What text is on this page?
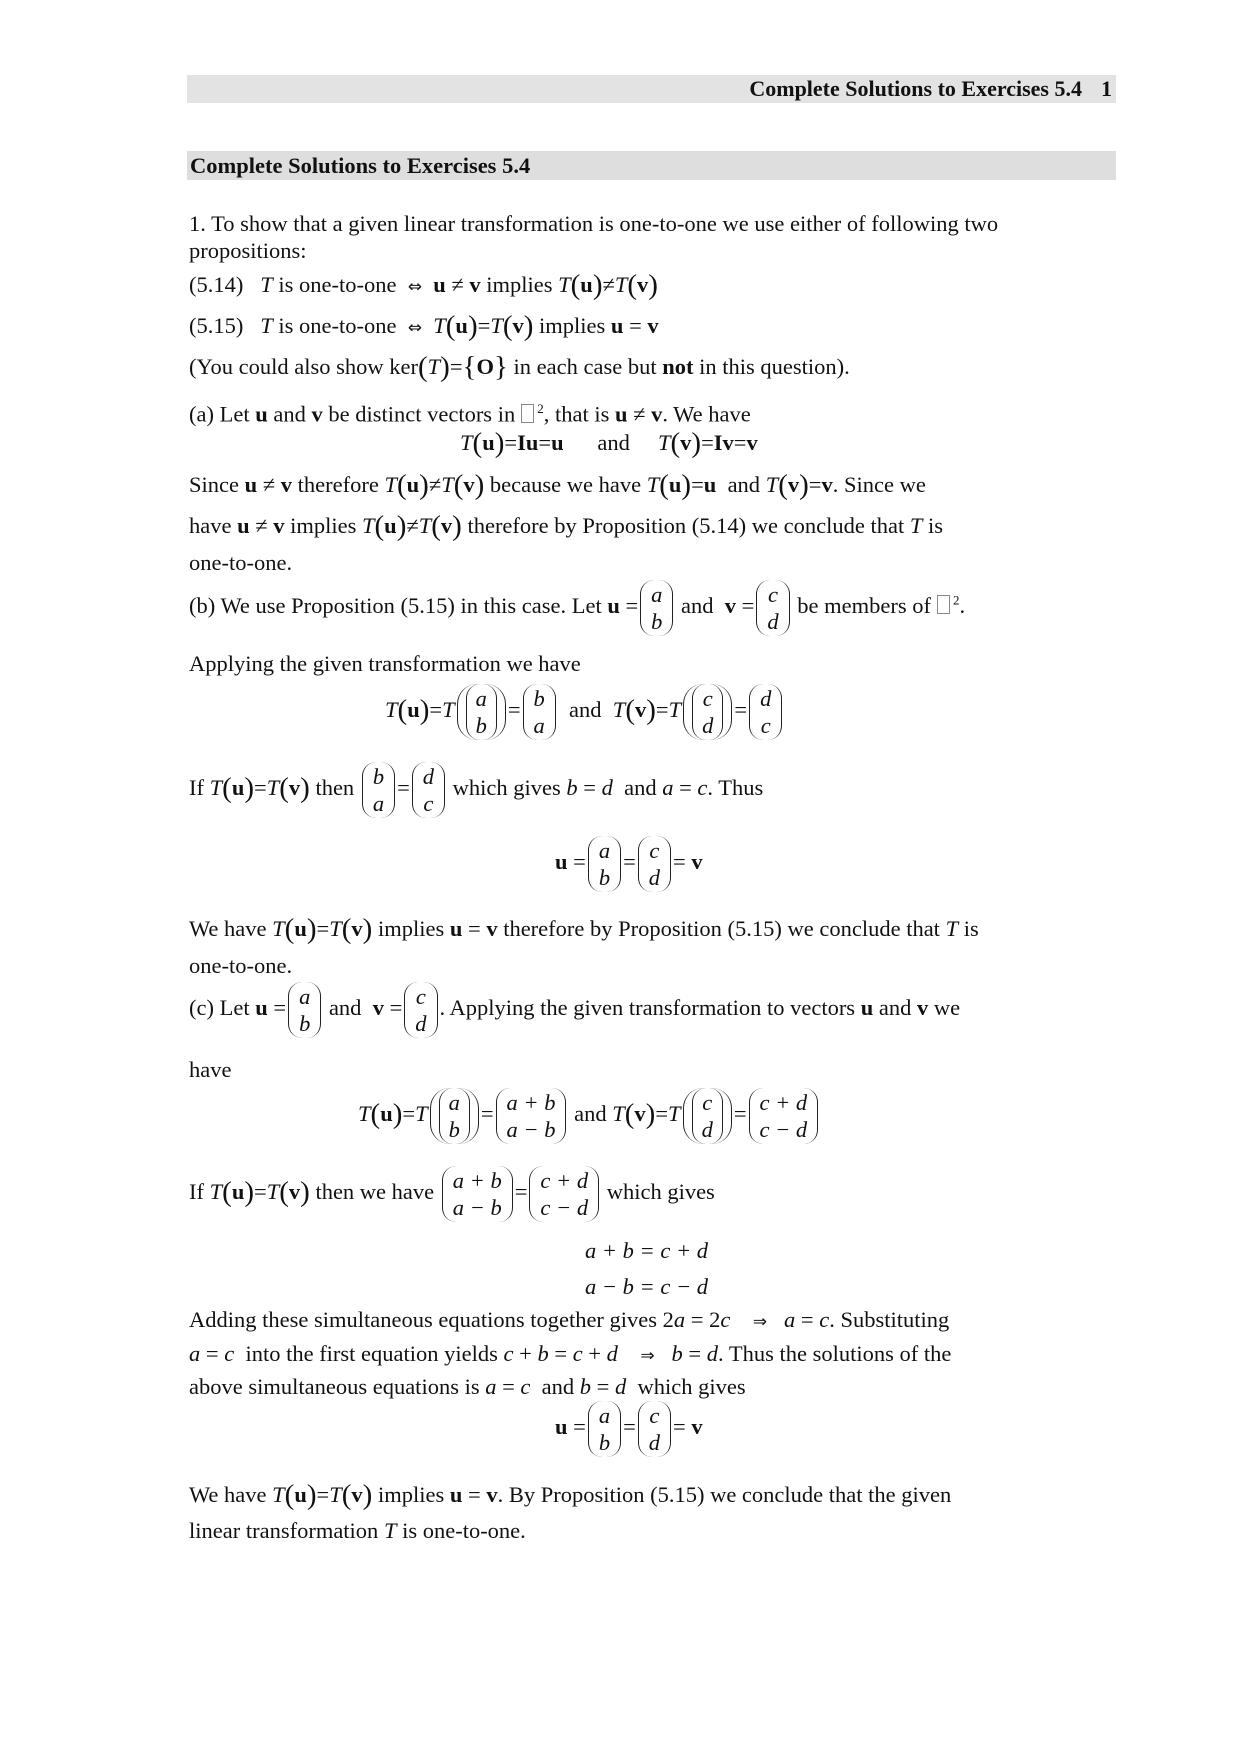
Complete Solutions to Exercises 5.4 1
Complete Solutions to Exercises 5.4
1. To show that a given linear transformation is one-to-one we use either of following two
propositions:
(5.14) T is one-to-one ⇔ u ≠ v implies T(u)≠T(v)
(5.15) T is one-to-one ⇔ T(u)=T(v) implies u = v
(You could also show ker(T)={O} in each case but not in this question).
(a) Let u and v be distinct vectors in $^2$, that is u ≠ v. We have
T(u)=Iu=u and T(v)=Iv=v
Since u ≠ v therefore T(u)≠T(v) because we have T(u)=u and T(v)=v. Since we
have u ≠ v implies T(u)≠T(v) therefore by Proposition (5.14) we conclude that T is
one-to-one.
(b) We use Proposition (5.15) in this case. Let u = a
b
and v = c
d
be members of $^2$.
Applying the given transformation we have
T(u)=T a
b
= b
a
and T(v)=T c
d
= d
c
If T(u)=T(v) then b
a
= d
c
which gives b = d and a = c. Thus
u = a
b
= c
d
= v
We have T(u)=T(v) implies u = v therefore by Proposition (5.15) we conclude that T is
one-to-one.
(c) Let u = a
b
and v = c
d
. Applying the given transformation to vectors u and v we
have
T(u)=T a
b
= a + b
a − b
and T(v)=T c
d
= c + d
c − d
If T(u)=T(v) then we have a + b
a − b
= c + d
c − d
which gives
a + b = c + d
a − b = c − d
Adding these simultaneous equations together gives 2a = 2c ⇒ a = c. Substituting
a = c into the first equation yields c + b = c + d ⇒ b = d. Thus the solutions of the
above simultaneous equations is a = c and b = d which gives
u = a
b
= c
d
= v
We have T(u)=T(v) implies u = v. By Proposition (5.15) we conclude that the given
linear transformation T is one-to-one.
